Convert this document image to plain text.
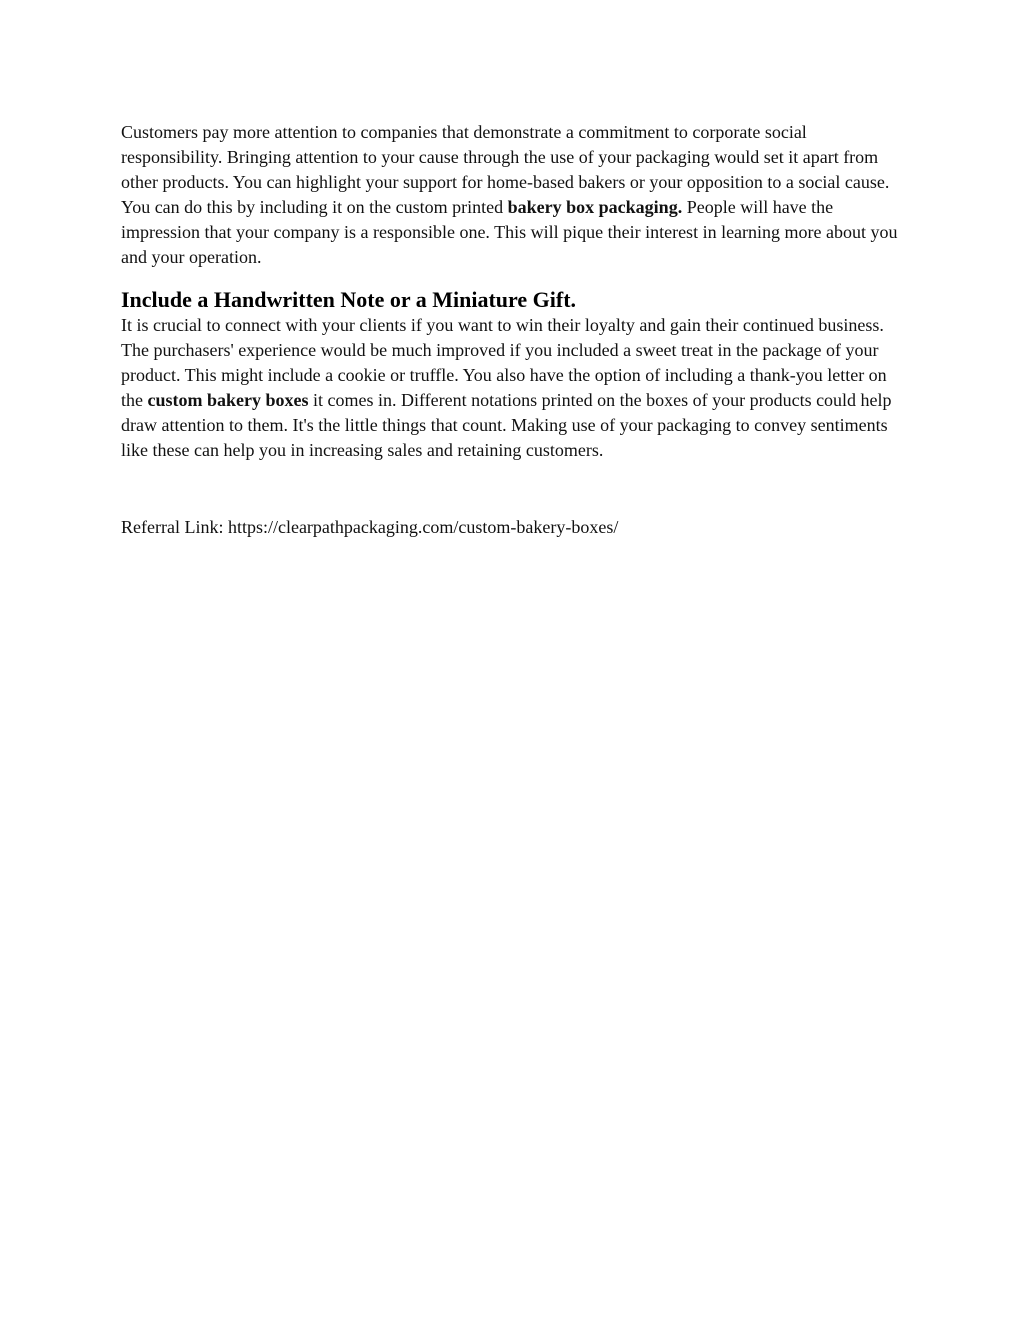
Customers pay more attention to companies that demonstrate a commitment to corporate social responsibility. Bringing attention to your cause through the use of your packaging would set it apart from other products. You can highlight your support for home-based bakers or your opposition to a social cause. You can do this by including it on the custom printed bakery box packaging. People will have the impression that your company is a responsible one. This will pique their interest in learning more about you and your operation.

Include a Handwritten Note or a Miniature Gift.

It is crucial to connect with your clients if you want to win their loyalty and gain their continued business. The purchasers' experience would be much improved if you included a sweet treat in the package of your product. This might include a cookie or truffle. You also have the option of including a thank-you letter on the custom bakery boxes it comes in. Different notations printed on the boxes of your products could help draw attention to them. It's the little things that count. Making use of your packaging to convey sentiments like these can help you in increasing sales and retaining customers.

Referral Link: https://clearpathpackaging.com/custom-bakery-boxes/
